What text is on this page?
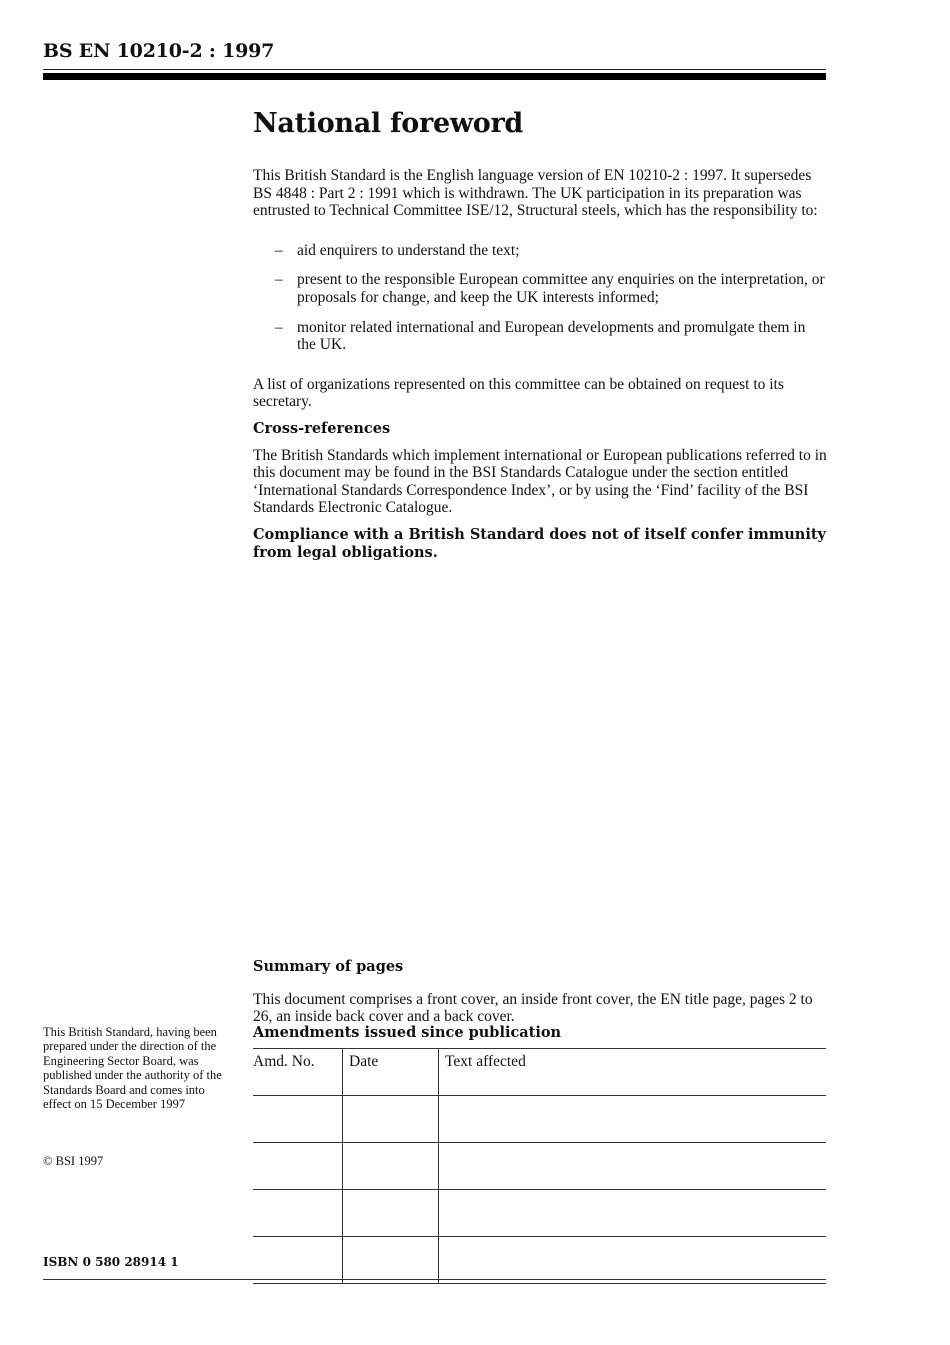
BS EN 10210-2 : 1997
National foreword

This British Standard is the English language version of EN 10210-2 : 1997. It supersedes BS 4848 : Part 2 : 1991 which is withdrawn. The UK participation in its preparation was entrusted to Technical Committee ISE/12, Structural steels, which has the responsibility to:

– aid enquirers to understand the text;
– present to the responsible European committee any enquiries on the interpretation, or proposals for change, and keep the UK interests informed;
– monitor related international and European developments and promulgate them in the UK.

A list of organizations represented on this committee can be obtained on request to its secretary.

Cross-references

The British Standards which implement international or European publications referred to in this document may be found in the BSI Standards Catalogue under the section entitled ‘International Standards Correspondence Index’, or by using the ‘Find’ facility of the BSI Standards Electronic Catalogue.

Compliance with a British Standard does not of itself confer immunity from legal obligations.

Summary of pages

This document comprises a front cover, an inside front cover, the EN title page, pages 2 to 26, an inside back cover and a back cover.

Amendments issued since publication
Amd. No.	Date	Text affected

This British Standard, having been prepared under the direction of the Engineering Sector Board, was published under the authority of the Standards Board and comes into effect on 15 December 1997
© BSI 1997
ISBN 0 580 28914 1
